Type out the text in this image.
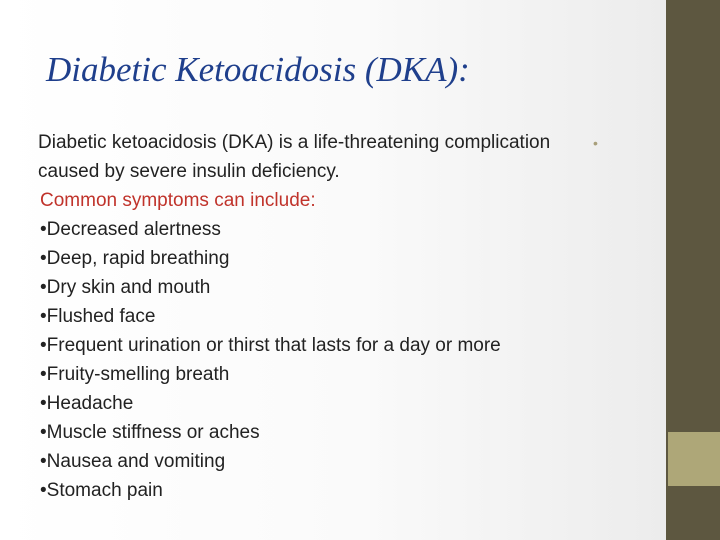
Diabetic Ketoacidosis (DKA):

Diabetic ketoacidosis (DKA) is a life-threatening complication
caused by severe insulin deficiency.

Common symptoms can include:
•Decreased alertness
•Deep, rapid breathing
•Dry skin and mouth
•Flushed face
•Frequent urination or thirst that lasts for a day or more
•Fruity-smelling breath
•Headache
•Muscle stiffness or aches
•Nausea and vomiting
•Stomach pain
•
